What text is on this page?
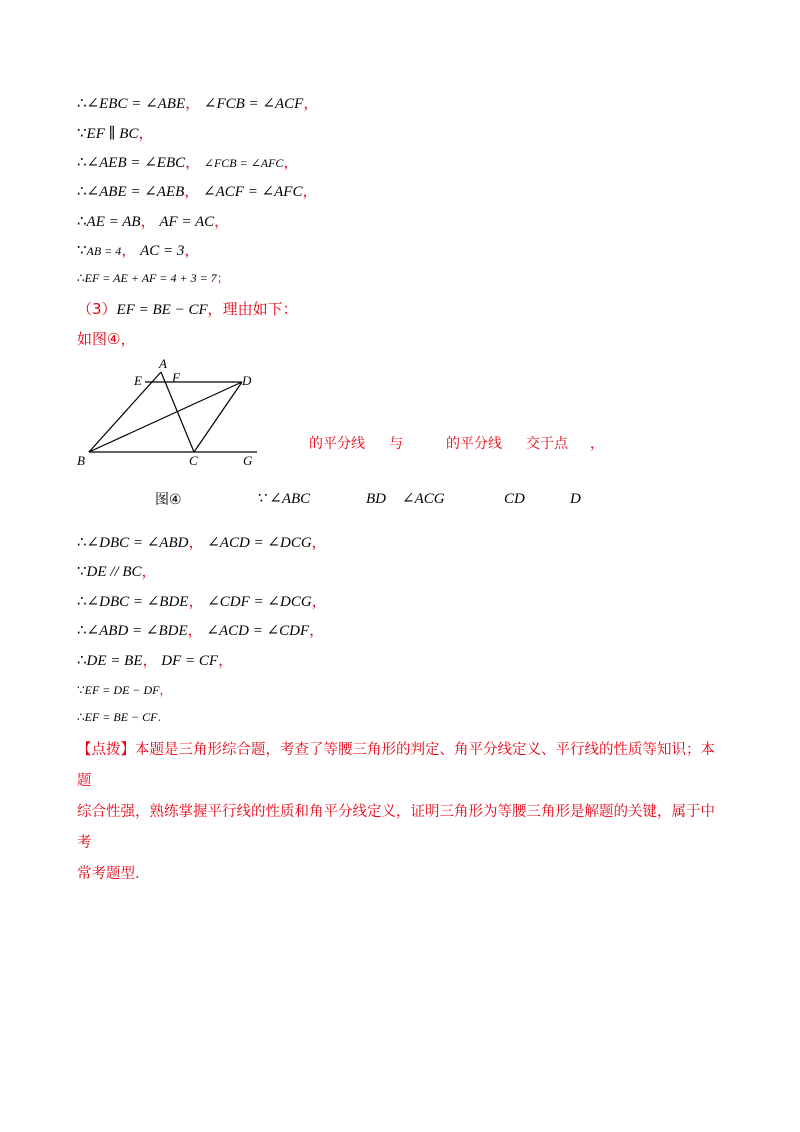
∴∠EBC = ∠ABE， ∠FCB = ∠ACF，
∵EF ∥ BC，
∴∠AEB = ∠EBC， ∠FCB = ∠AFC，
∴∠ABE = ∠AEB， ∠ACF = ∠AFC，
∴AE = AB， AF = AC，
∵AB = 4， AC = 3，
∴EF = AE + AF = 4 + 3 = 7；
（3）EF = BE − CF，理由如下：
如图④，
A
E F	D
B	C	G
的平分线 与	的平分线 交于点 ，
图④	∵ ∠ABC	BD ∠ACG	CD	D
∴∠DBC = ∠ABD， ∠ACD = ∠DCG，
∵DE // BC，
∴∠DBC = ∠BDE， ∠CDF = ∠DCG，
∴∠ABD = ∠BDE， ∠ACD = ∠CDF，
∴DE = BE， DF = CF，
∵EF = DE − DF，
∴EF = BE − CF.
【点拨】本题是三角形综合题，考查了等腰三角形的判定、角平分线定义、平行线的性质等知识；本题
综合性强，熟练掌握平行线的性质和角平分线定义，证明三角形为等腰三角形是解题的关键，属于中考
常考题型.
